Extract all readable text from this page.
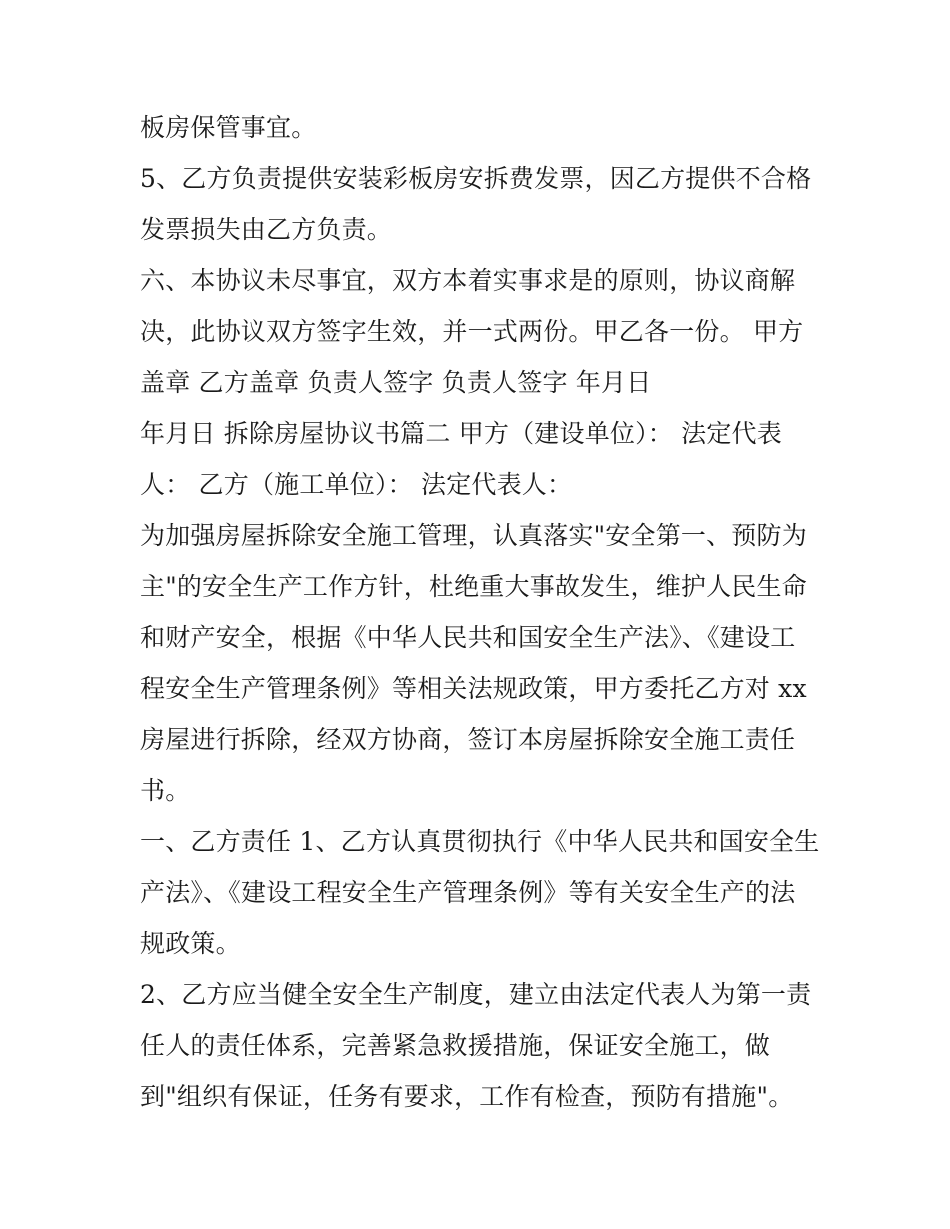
板房保管事宜。
5、乙方负责提供安装彩板房安拆费发票，因乙方提供不合格
发票损失由乙方负责。
六、本协议未尽事宜，双方本着实事求是的原则，协议商解
决，此协议双方签字生效，并一式两份。甲乙各一份。 甲方
盖章 乙方盖章 负责人签字 负责人签字 年月日
年月日 拆除房屋协议书篇二 甲方（建设单位）： 法定代表
人： 乙方（施工单位）： 法定代表人：
为加强房屋拆除安全施工管理，认真落实"安全第一、预防为
主"的安全生产工作方针，杜绝重大事故发生，维护人民生命
和财产安全，根据《中华人民共和国安全生产法》、《建设工
程安全生产管理条例》等相关法规政策，甲方委托乙方对 xx
房屋进行拆除，经双方协商，签订本房屋拆除安全施工责任
书。
一、乙方责任 1、乙方认真贯彻执行《中华人民共和国安全生
产法》、《建设工程安全生产管理条例》等有关安全生产的法
规政策。
2、乙方应当健全安全生产制度，建立由法定代表人为第一责
任人的责任体系，完善紧急救援措施，保证安全施工，做
到"组织有保证，任务有要求，工作有检查，预防有措施"。
